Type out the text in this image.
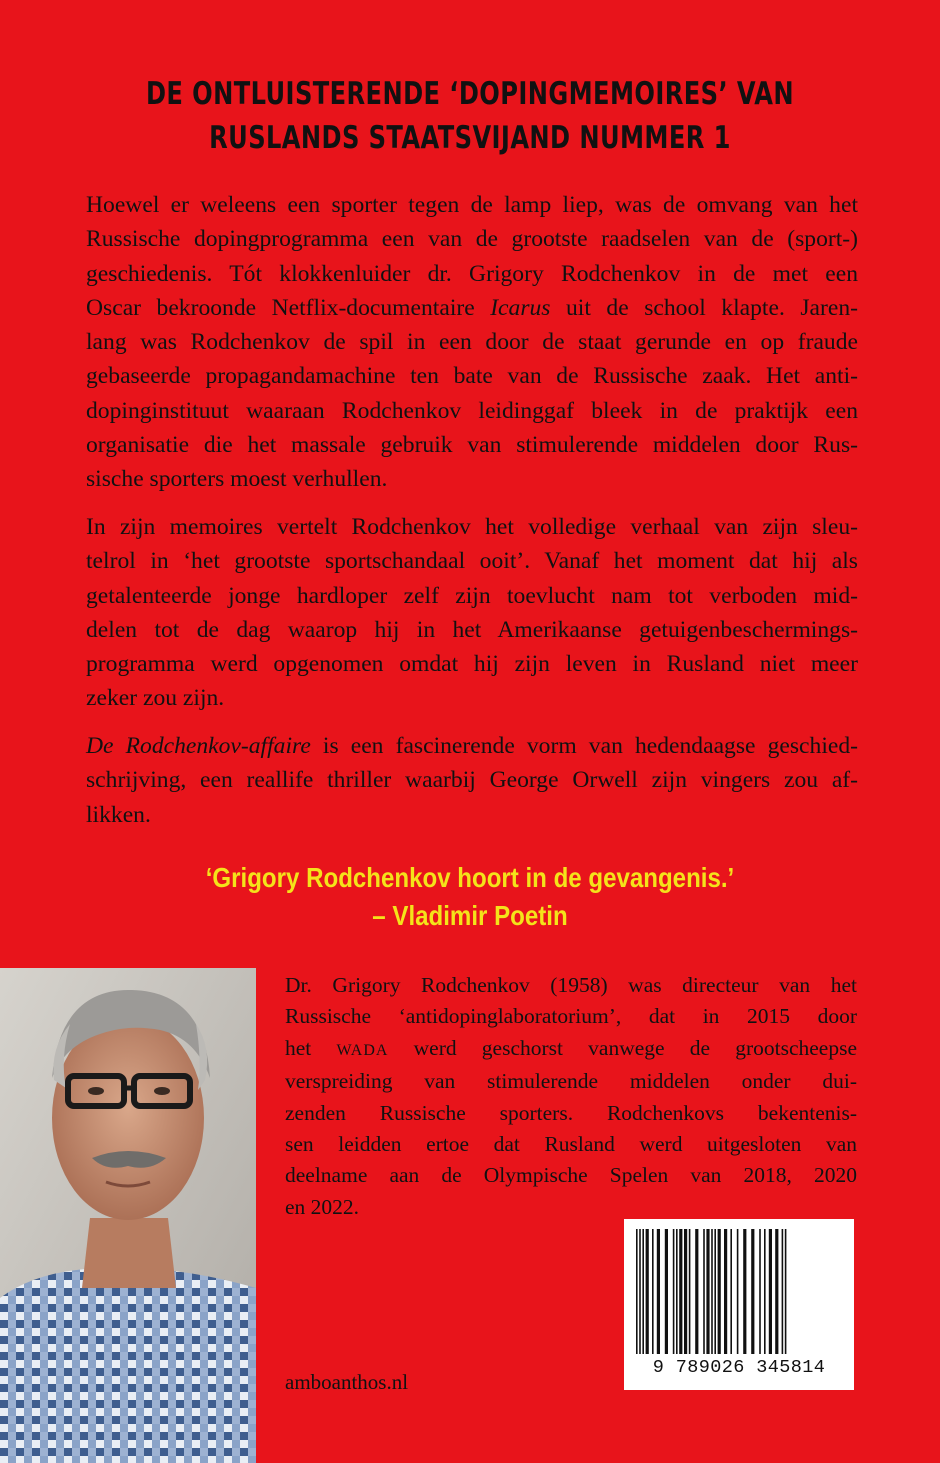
DE ONTLUISTERENDE ‘DOPINGMEMOIRES’ VAN
RUSLANDS STAATSVIJAND NUMMER 1
Hoewel er weleens een sporter tegen de lamp liep, was de omvang van het
Russische dopingprogramma een van de grootste raadselen van de (sport-)
geschiedenis. Tót klokkenluider dr. Grigory Rodchenkov in de met een
Oscar bekroonde Netflix-documentaire Icarus uit de school klapte. Jaren-
lang was Rodchenkov de spil in een door de staat gerunde en op fraude
gebaseerde propagandamachine ten bate van de Russische zaak. Het anti-
dopinginstituut waaraan Rodchenkov leidinggaf bleek in de praktijk een
organisatie die het massale gebruik van stimulerende middelen door Rus-
sische sporters moest verhullen.
In zijn memoires vertelt Rodchenkov het volledige verhaal van zijn sleu-
telrol in ‘het grootste sportschandaal ooit’. Vanaf het moment dat hij als
getalenteerde jonge hardloper zelf zijn toevlucht nam tot verboden mid-
delen tot de dag waarop hij in het Amerikaanse getuigenbeschermings-
programma werd opgenomen omdat hij zijn leven in Rusland niet meer
zeker zou zijn.
De Rodchenkov-affaire is een fascinerende vorm van hedendaagse geschied-
schrijving, een reallife thriller waarbij George Orwell zijn vingers zou af-
likken.
‘Grigory Rodchenkov hoort in de gevangenis.’
– Vladimir Poetin
Dr. Grigory Rodchenkov (1958) was directeur van het
Russische ‘antidopinglaboratorium’, dat in 2015 door
het WADA werd geschorst vanwege de grootscheepse
verspreiding van stimulerende middelen onder dui-
zenden Russische sporters. Rodchenkovs bekentenis-
sen leidden ertoe dat Rusland werd uitgesloten van
deelname aan de Olympische Spelen van 2018, 2020
en 2022.
9 789026 345814
amboanthos.nl
